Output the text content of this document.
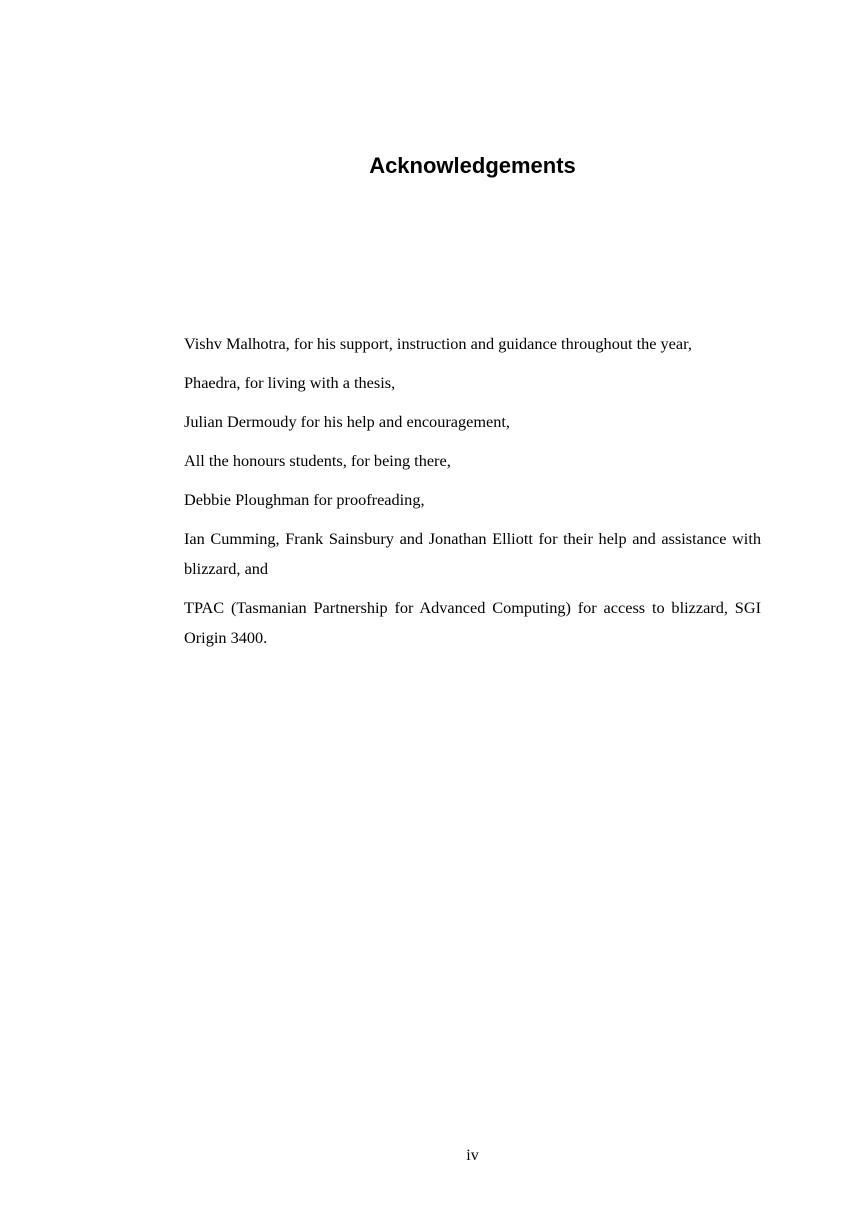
Acknowledgements
Vishv Malhotra, for his support, instruction and guidance throughout the year,
Phaedra, for living with a thesis,
Julian Dermoudy for his help and encouragement,
All the honours students, for being there,
Debbie Ploughman for proofreading,
Ian Cumming, Frank Sainsbury and Jonathan Elliott for their help and assistance with blizzard, and
TPAC (Tasmanian Partnership for Advanced Computing) for access to blizzard, SGI Origin 3400.
iv
